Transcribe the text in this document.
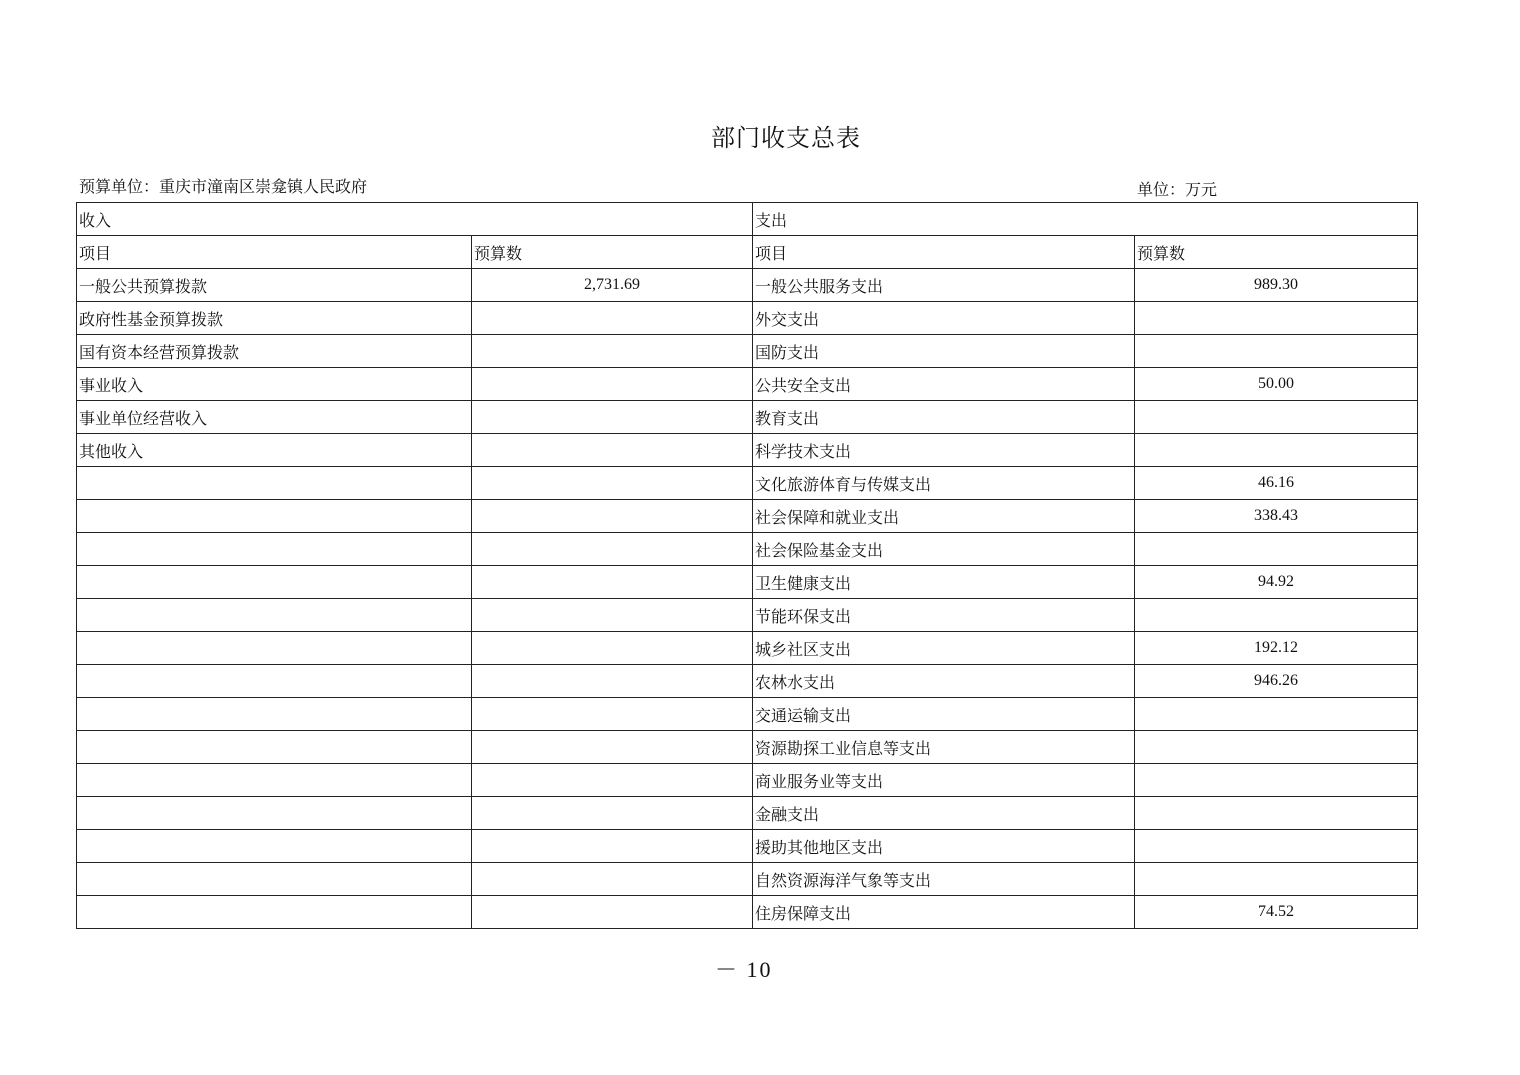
部门收支总表
预算单位：重庆市潼南区崇龛镇人民政府	单位：万元
收入		支出	
项目	预算数	项目	预算数
一般公共预算拨款	2,731.69	一般公共服务支出	989.30
政府性基金预算拨款		外交支出	
国有资本经营预算拨款		国防支出	
事业收入		公共安全支出	50.00
事业单位经营收入		教育支出	
其他收入		科学技术支出	
		文化旅游体育与传媒支出	46.16
		社会保障和就业支出	338.43
		社会保险基金支出	
		卫生健康支出	94.92
		节能环保支出	
		城乡社区支出	192.12
		农林水支出	946.26
		交通运输支出	
		资源勘探工业信息等支出	
		商业服务业等支出	
		金融支出	
		援助其他地区支出	
		自然资源海洋气象等支出	
		住房保障支出	74.52
－ 10
